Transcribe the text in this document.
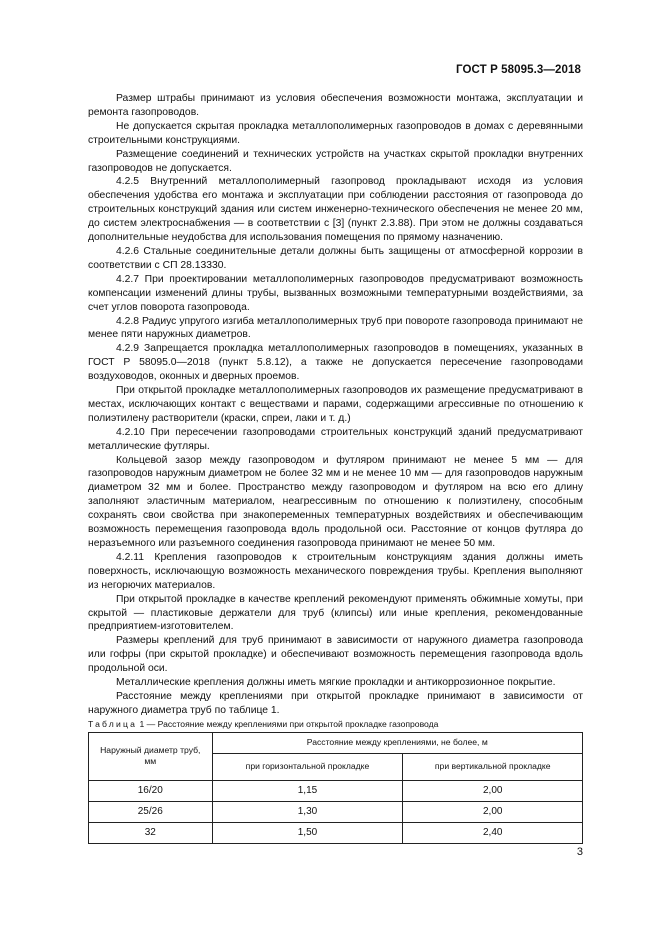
ГОСТ Р 58095.3—2018

Размер штрабы принимают из условия обеспечения возможности монтажа, эксплуатации и ремонта газопроводов.

Не допускается скрытая прокладка металлополимерных газопроводов в домах с деревянными строительными конструкциями.

Размещение соединений и технических устройств на участках скрытой прокладки внутренних газопроводов не допускается.

4.2.5 Внутренний металлополимерный газопровод прокладывают исходя из условия обеспечения удобства его монтажа и эксплуатации при соблюдении расстояния от газопровода до строительных конструкций здания или систем инженерно-технического обеспечения не менее 20 мм, до систем электроснабжения — в соответствии с [3] (пункт 2.3.88). При этом не должны создаваться дополнительные неудобства для использования помещения по прямому назначению.

4.2.6 Стальные соединительные детали должны быть защищены от атмосферной коррозии в соответствии с СП 28.13330.

4.2.7 При проектировании металлополимерных газопроводов предусматривают возможность компенсации изменений длины трубы, вызванных возможными температурными воздействиями, за счет углов поворота газопровода.

4.2.8 Радиус упругого изгиба металлополимерных труб при повороте газопровода принимают не менее пяти наружных диаметров.

4.2.9 Запрещается прокладка металлополимерных газопроводов в помещениях, указанных в ГОСТ Р 58095.0—2018 (пункт 5.8.12), а также не допускается пересечение газопроводами воздуховодов, оконных и дверных проемов.

При открытой прокладке металлополимерных газопроводов их размещение предусматривают в местах, исключающих контакт с веществами и парами, содержащими агрессивные по отношению к полиэтилену растворители (краски, спреи, лаки и т. д.)

4.2.10 При пересечении газопроводами строительных конструкций зданий предусматривают металлические футляры.

Кольцевой зазор между газопроводом и футляром принимают не менее 5 мм — для газопроводов наружным диаметром не более 32 мм и не менее 10 мм — для газопроводов наружным диаметром 32 мм и более. Пространство между газопроводом и футляром на всю его длину заполняют эластичным материалом, неагрессивным по отношению к полиэтилену, способным сохранять свои свойства при знакопеременных температурных воздействиях и обеспечивающим возможность перемещения газопровода вдоль продольной оси. Расстояние от концов футляра до неразъемного или разъемного соединения газопровода принимают не менее 50 мм.

4.2.11 Крепления газопроводов к строительным конструкциям здания должны иметь поверхность, исключающую возможность механического повреждения трубы. Крепления выполняют из негорючих материалов.

При открытой прокладке в качестве креплений рекомендуют применять обжимные хомуты, при скрытой — пластиковые держатели для труб (клипсы) или иные крепления, рекомендованные предприятием-изготовителем.

Размеры креплений для труб принимают в зависимости от наружного диаметра газопровода или гофры (при скрытой прокладке) и обеспечивают возможность перемещения газопровода вдоль продольной оси.

Металлические крепления должны иметь мягкие прокладки и антикоррозионное покрытие.

Расстояние между креплениями при открытой прокладке принимают в зависимости от наружного диаметра труб по таблице 1.

Таблица 1 — Расстояние между креплениями при открытой прокладке газопровода

Наружный диаметр труб, мм	Расстояние между креплениями, не более, м	
	при горизонтальной прокладке	при вертикальной прокладке
16/20	1,15	2,00
25/26	1,30	2,00
32	1,50	2,40
3
